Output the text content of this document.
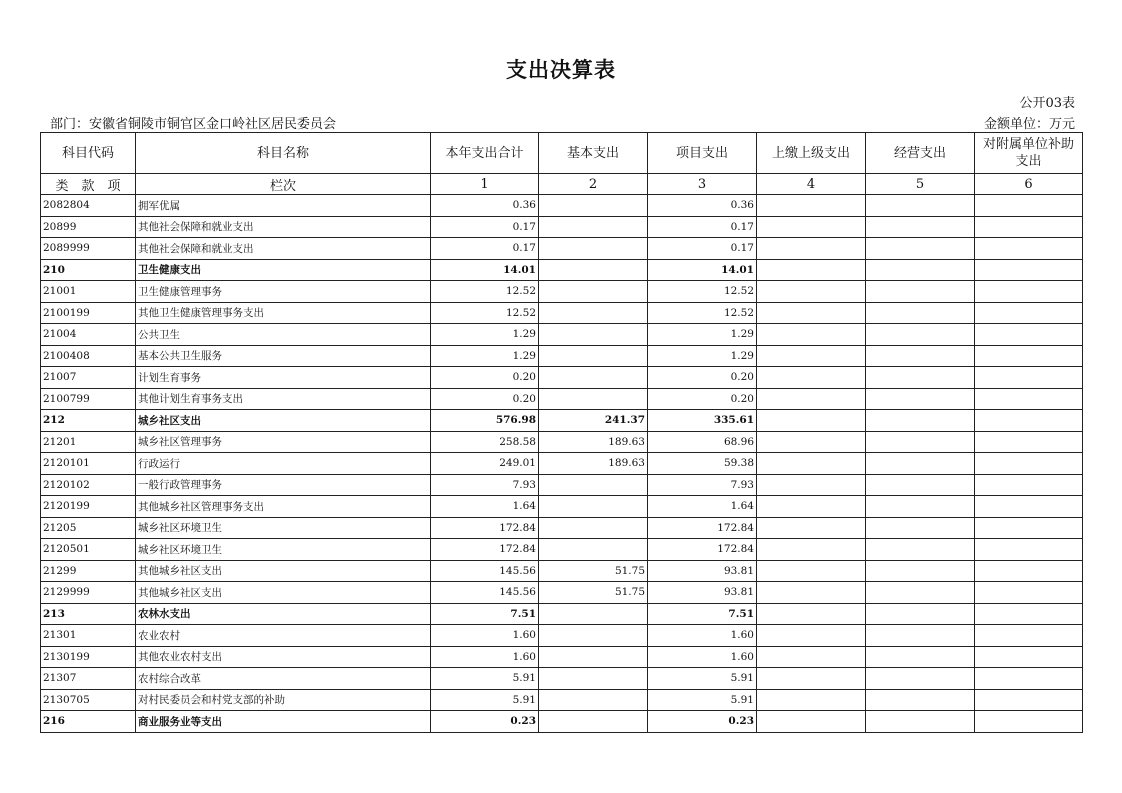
支出决算表
公开03表
部门：安徽省铜陵市铜官区金口岭社区居民委员会	金额单位：万元
科目代码	科目名称	本年支出合计	基本支出	项目支出	上缴上级支出	经营支出	对附属单位补助支出

类 款 项	栏次	1	2	3	4	5	6
2082804	拥军优属	0.36		0.36			
20899	其他社会保障和就业支出	0.17		0.17			
2089999	其他社会保障和就业支出	0.17		0.17			
210	卫生健康支出	14.01		14.01			
21001	卫生健康管理事务	12.52		12.52			
2100199	其他卫生健康管理事务支出	12.52		12.52			
21004	公共卫生	1.29		1.29			
2100408	基本公共卫生服务	1.29		1.29			
21007	计划生育事务	0.20		0.20			
2100799	其他计划生育事务支出	0.20		0.20			
212	城乡社区支出	576.98	241.37	335.61			
21201	城乡社区管理事务	258.58	189.63	68.96			
2120101	行政运行	249.01	189.63	59.38			
2120102	一般行政管理事务	7.93		7.93			
2120199	其他城乡社区管理事务支出	1.64		1.64			
21205	城乡社区环境卫生	172.84		172.84			
2120501	城乡社区环境卫生	172.84		172.84			
21299	其他城乡社区支出	145.56	51.75	93.81			
2129999	其他城乡社区支出	145.56	51.75	93.81			
213	农林水支出	7.51		7.51			
21301	农业农村	1.60		1.60			
2130199	其他农业农村支出	1.60		1.60			
21307	农村综合改革	5.91		5.91			
2130705	对村民委员会和村党支部的补助	5.91		5.91			
216	商业服务业等支出	0.23		0.23			
